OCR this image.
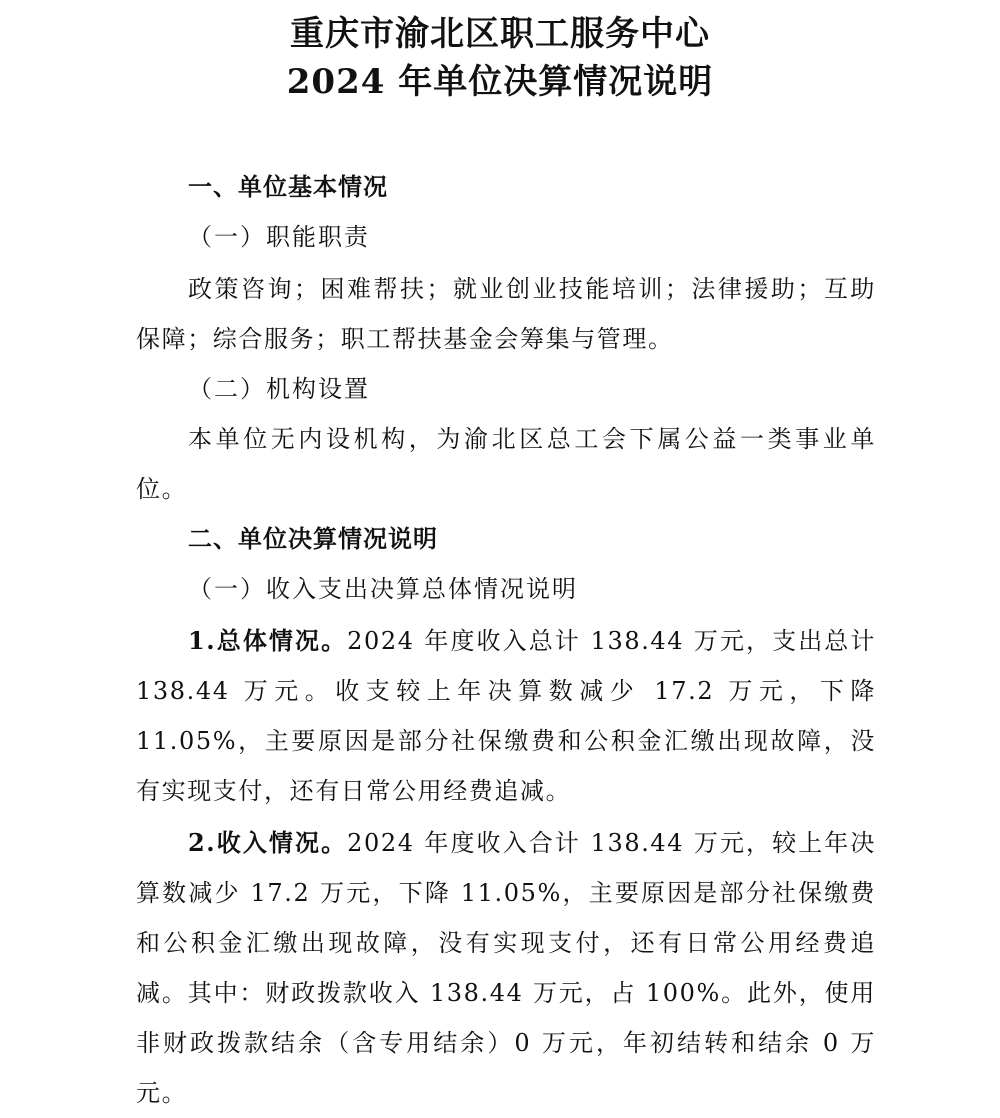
重庆市渝北区职工服务中心
2024 年单位决算情况说明

一、单位基本情况

（一）职能职责

政策咨询；困难帮扶；就业创业技能培训；法律援助；互助保障；综合服务；职工帮扶基金会筹集与管理。

（二）机构设置

本单位无内设机构，为渝北区总工会下属公益一类事业单位。

二、单位决算情况说明

（一）收入支出决算总体情况说明

1.总体情况。2024 年度收入总计 138.44 万元，支出总计 138.44 万元。收支较上年决算数减少 17.2 万元，下降 11.05%，主要原因是部分社保缴费和公积金汇缴出现故障，没有实现支付，还有日常公用经费追减。

2.收入情况。2024 年度收入合计 138.44 万元，较上年决算数减少 17.2 万元，下降 11.05%，主要原因是部分社保缴费和公积金汇缴出现故障，没有实现支付，还有日常公用经费追减。其中：财政拨款收入 138.44 万元，占 100%。此外，使用非财政拨款结余（含专用结余）0 万元，年初结转和结余 0 万元。
